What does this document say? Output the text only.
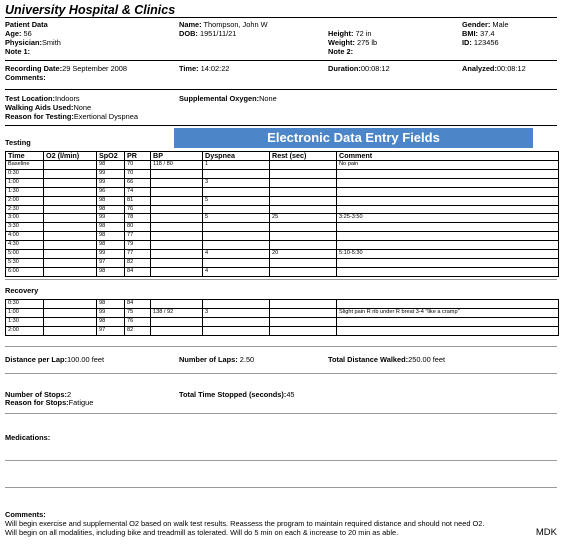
University Hospital & Clinics
Patient Data
Age: 56
Physician:Smith
Note 1:
Name: Thompson, John W
DOB: 1951/11/21	Height: 72 in
Weight: 275 lb
Note 2:
Gender: Male
BMI: 37.4
ID: 123456
Recording Date:29 September 2008
Comments:
Time: 14:02:22	Duration:00:08:12	Analyzed:00:08:12
Test Location:Indoors
Walking Aids Used:None
Reason for Testing:Exertional Dyspnea
Supplemental Oxygen:None
Electronic Data Entry Fields
Testing
Time	O2 (l/min)	SpO2	PR	BP	Dyspnea	Rest (sec)	Comment
Baseline		98	70	118 / 80	1		No pain
0:30		99	70				
1:00		99	66		3		
1:30		96	74				
2:00		98	81		5		
2:30		98	76				
3:00		99	78		5	25	3:25-3:50
3:30		98	80				
4:00		98	77				
4:30		98	79				
5:00		99	77		4	20	5:10-5:30
5:30		97	82				
6:00		98	84		4		
Recovery
0:30		98	84				
1:00		99	75	138 / 92	3		Slight pain R rib under R breat 3-4 "like a cramp"
1:30		98	76				
2:00		97	82				
Distance per Lap:100.00 feet	Number of Laps: 2.50	Total Distance Walked:250.00 feet
Number of Stops:2
Reason for Stops:Fatigue
Total Time Stopped (seconds):45
Medications:
Comments:
Will begin exercise and supplemental O2 based on walk test results. Reassess the program to maintain required distance and should not need O2.
Will begin on all modalities, including bike and treadmill as tolerated. Will do 5 min on each & increase to 20 min as able.	MDK
